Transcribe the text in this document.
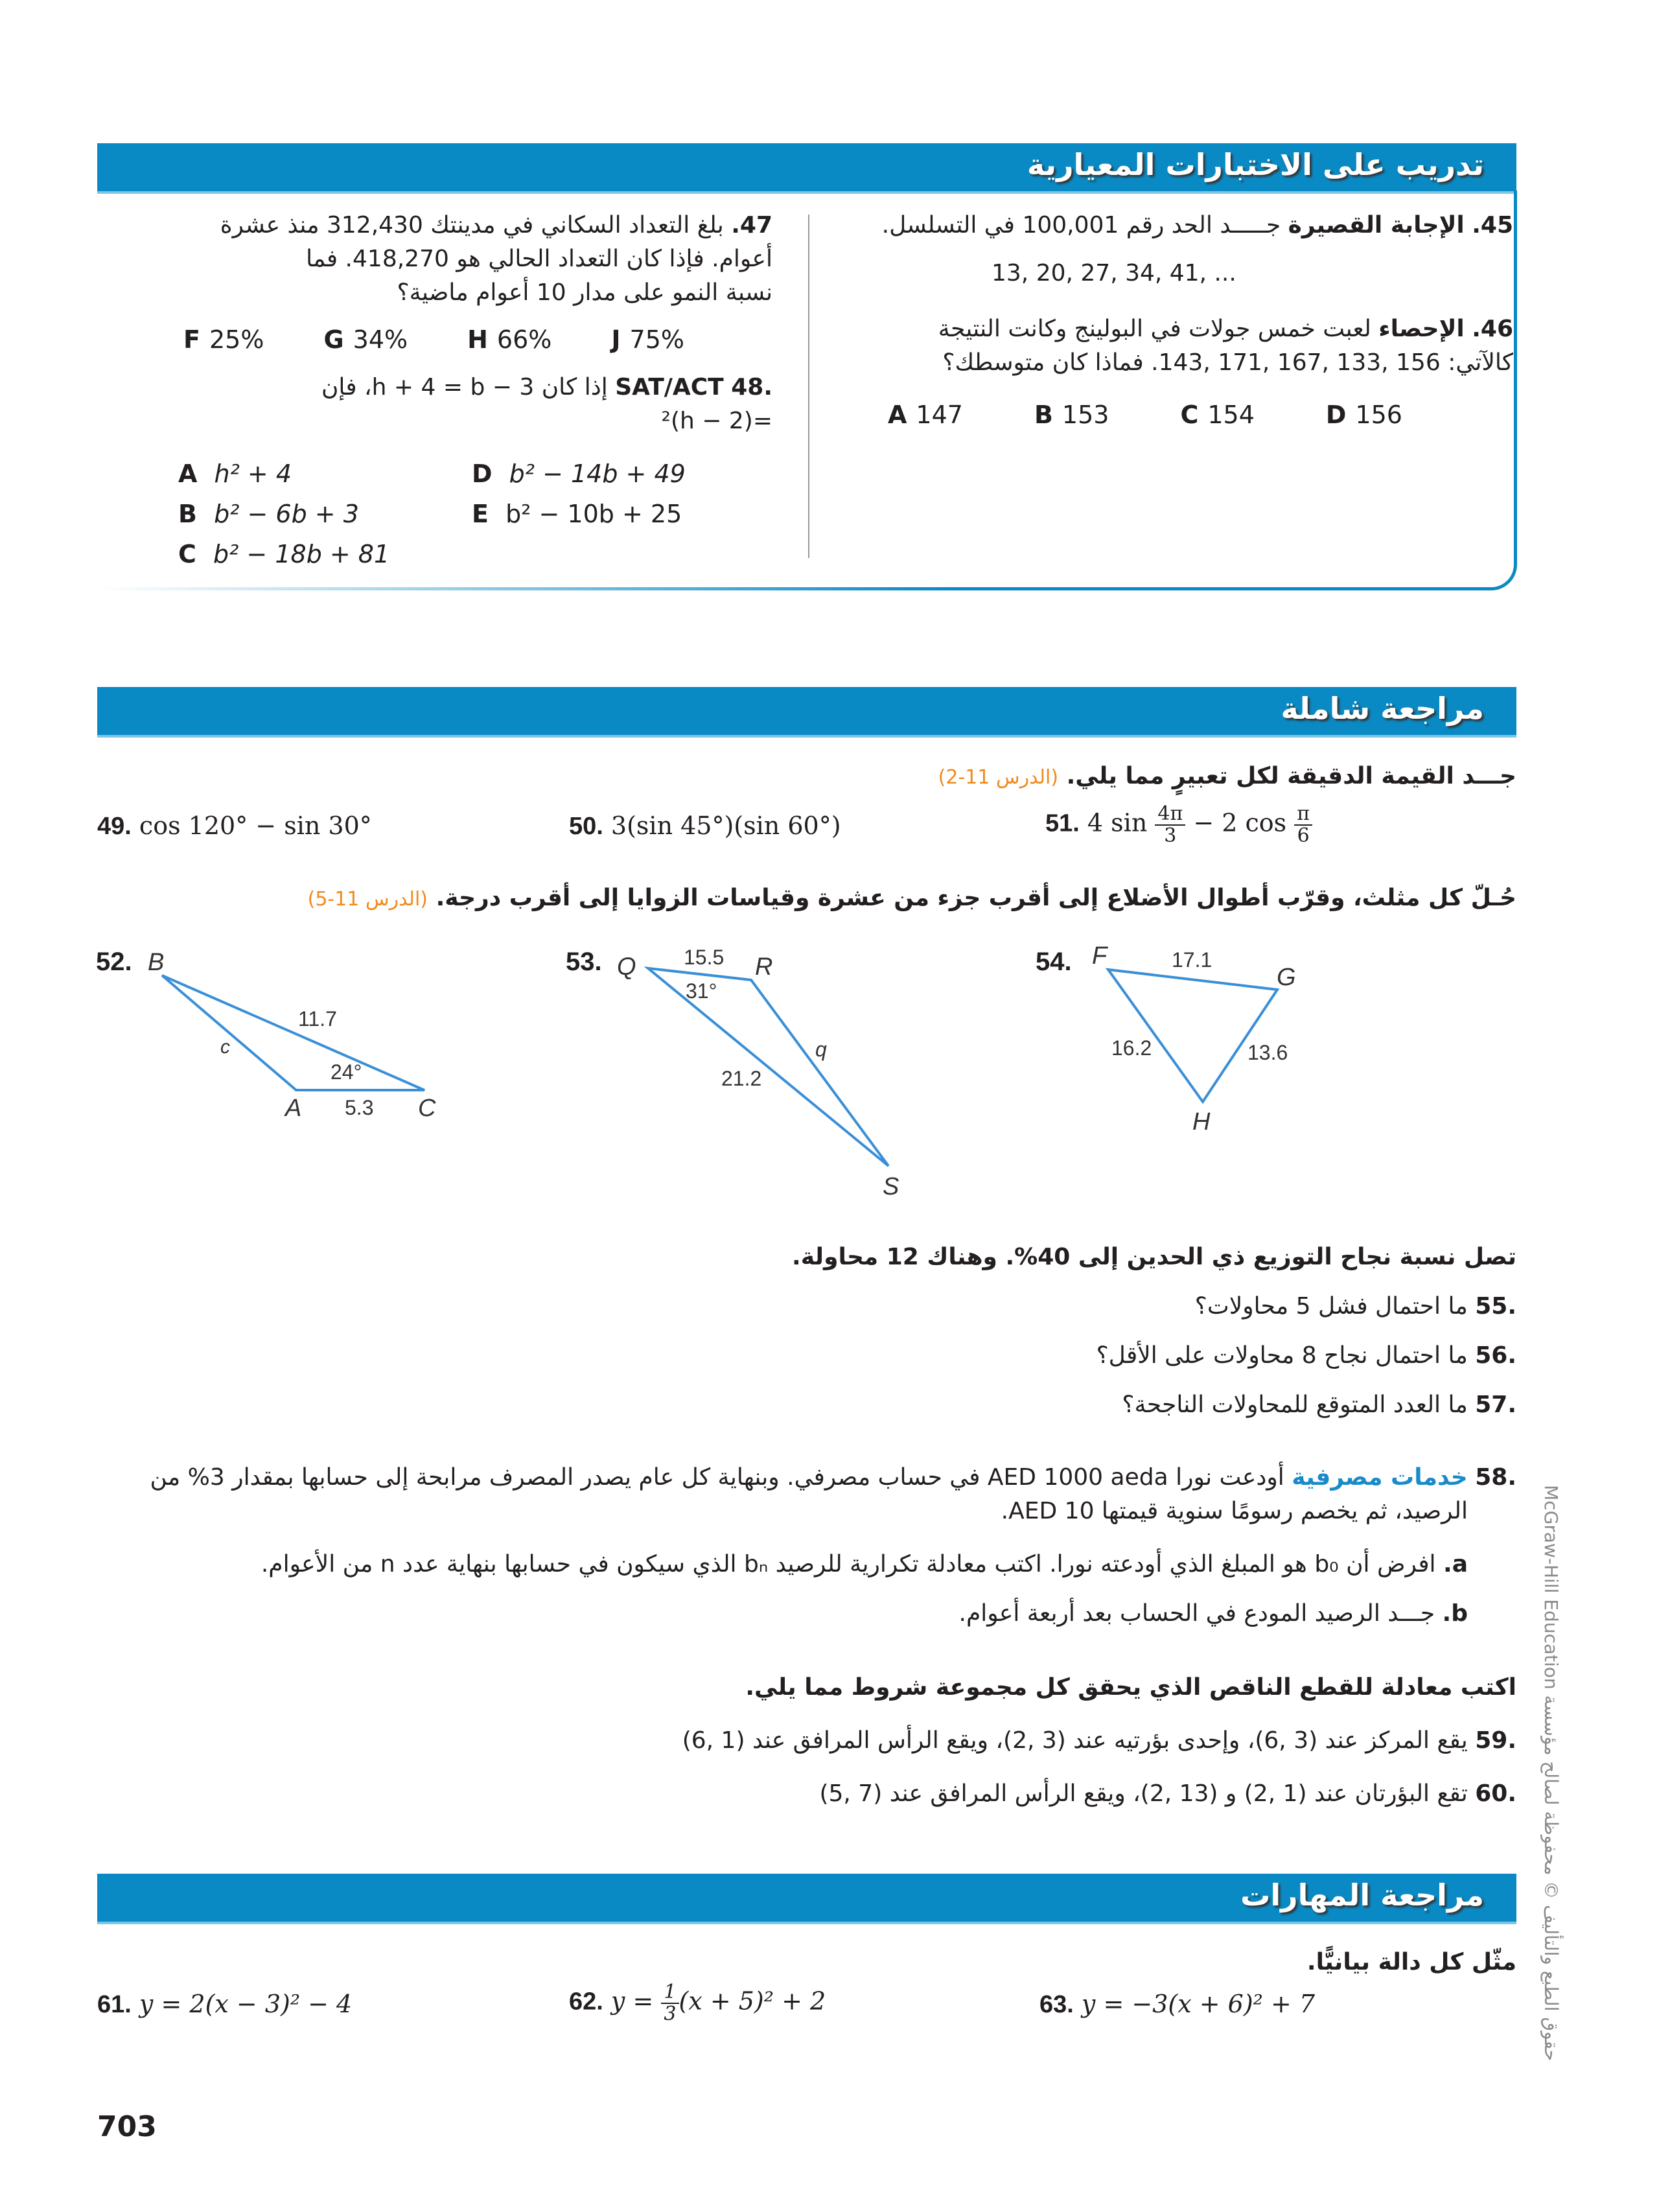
تدريب على الاختبارات المعيارية
45. الإجابة القصيرة جـــــد الحد رقم 100,001 في التسلسل.
13, 20, 27, 34, 41, ...
46. الإحصاء لعبت خمس جولات في البولينج وكانت النتيجة
كالآتي: 156 ,133 ,167 ,171 ,143. فماذا كان متوسطك؟
A 147	B 153	C 154	D 156
47. بلغ التعداد السكاني في مدينتك 312,430 منذ عشرة
أعوام. فإذا كان التعداد الحالي هو 418,270. فما
نسبة النمو على مدار 10 أعوام ماضية؟
F 25% G 34% H 66% J 75%
.48 SAT/ACT إذا كان h + 4 = b − 3، فإن
=(h − 2)²
A h² + 4
B b² − 6b + 3
C b² − 18b + 81
D b² − 14b + 49
E b² − 10b + 25
مراجعة شاملة
جـــد القيمة الدقيقة لكل تعبيرٍ مما يلي. (الدرس 11-2)
49. cos 120° − sin 30°	50. 3(sin 45°)(sin 60°)	51. 4 $\sin \frac{4\pi}{3} - 2$ $\cos \frac{\pi}{6}$
حُـلّ كل مثلث، وقرّب أطوال الأضلاع إلى أقرب جزء من عشرة وقياسات الزوايا إلى أقرب درجة. (الدرس 11-5)
52. B
A	C
c
11.7
5.3
24°
53. Q	R
S
15.5
31°
21.2
q
54. F
G
H
17.1
16.2	13.6
تصل نسبة نجاح التوزيع ذي الحدين إلى 40%. وهناك 12 محاولة.
.55 ما احتمال فشل 5 محاولات؟
.56 ما احتمال نجاح 8 محاولات على الأقل؟
.57 ما العدد المتوقع للمحاولات الناجحة؟
.58 خدمات مصرفية أودعت نورا AED 1000 aeda في حساب مصرفي. وبنهاية كل عام يصدر المصرف مرابحة إلى حسابها بمقدار 3% من
الرصيد، ثم يخصم رسومًا سنوية قيمتها AED 10.
a. افرض أن b₀ هو المبلغ الذي أودعته نورا. اكتب معادلة تكرارية للرصيد bₙ الذي سيكون في حسابها بنهاية عدد n من الأعوام.
b. جـــد الرصيد المودع في الحساب بعد أربعة أعوام.
اكتب معادلة للقطع الناقص الذي يحقق كل مجموعة شروط مما يلي.
.59 يقع المركز عند (3 ,6)، وإحدى بؤرتيه عند (3 ,2)، ويقع الرأس المرافق عند (1 ,6)
.60 تقع البؤرتان عند (1 ,2) و (13 ,2)، ويقع الرأس المرافق عند (7 ,5)
مراجعة المهارات
مثّل كل دالة بيانيًّا.
61. y = 2(x − 3)² − 4	62. $y = \frac{1}{3} (x + 5)^2 + 2$	63. y = −3(x + 6)² + 7
703
حقوق الطبع والتأليف © محفوظة لصالح مؤسسة McGraw-Hill Education
